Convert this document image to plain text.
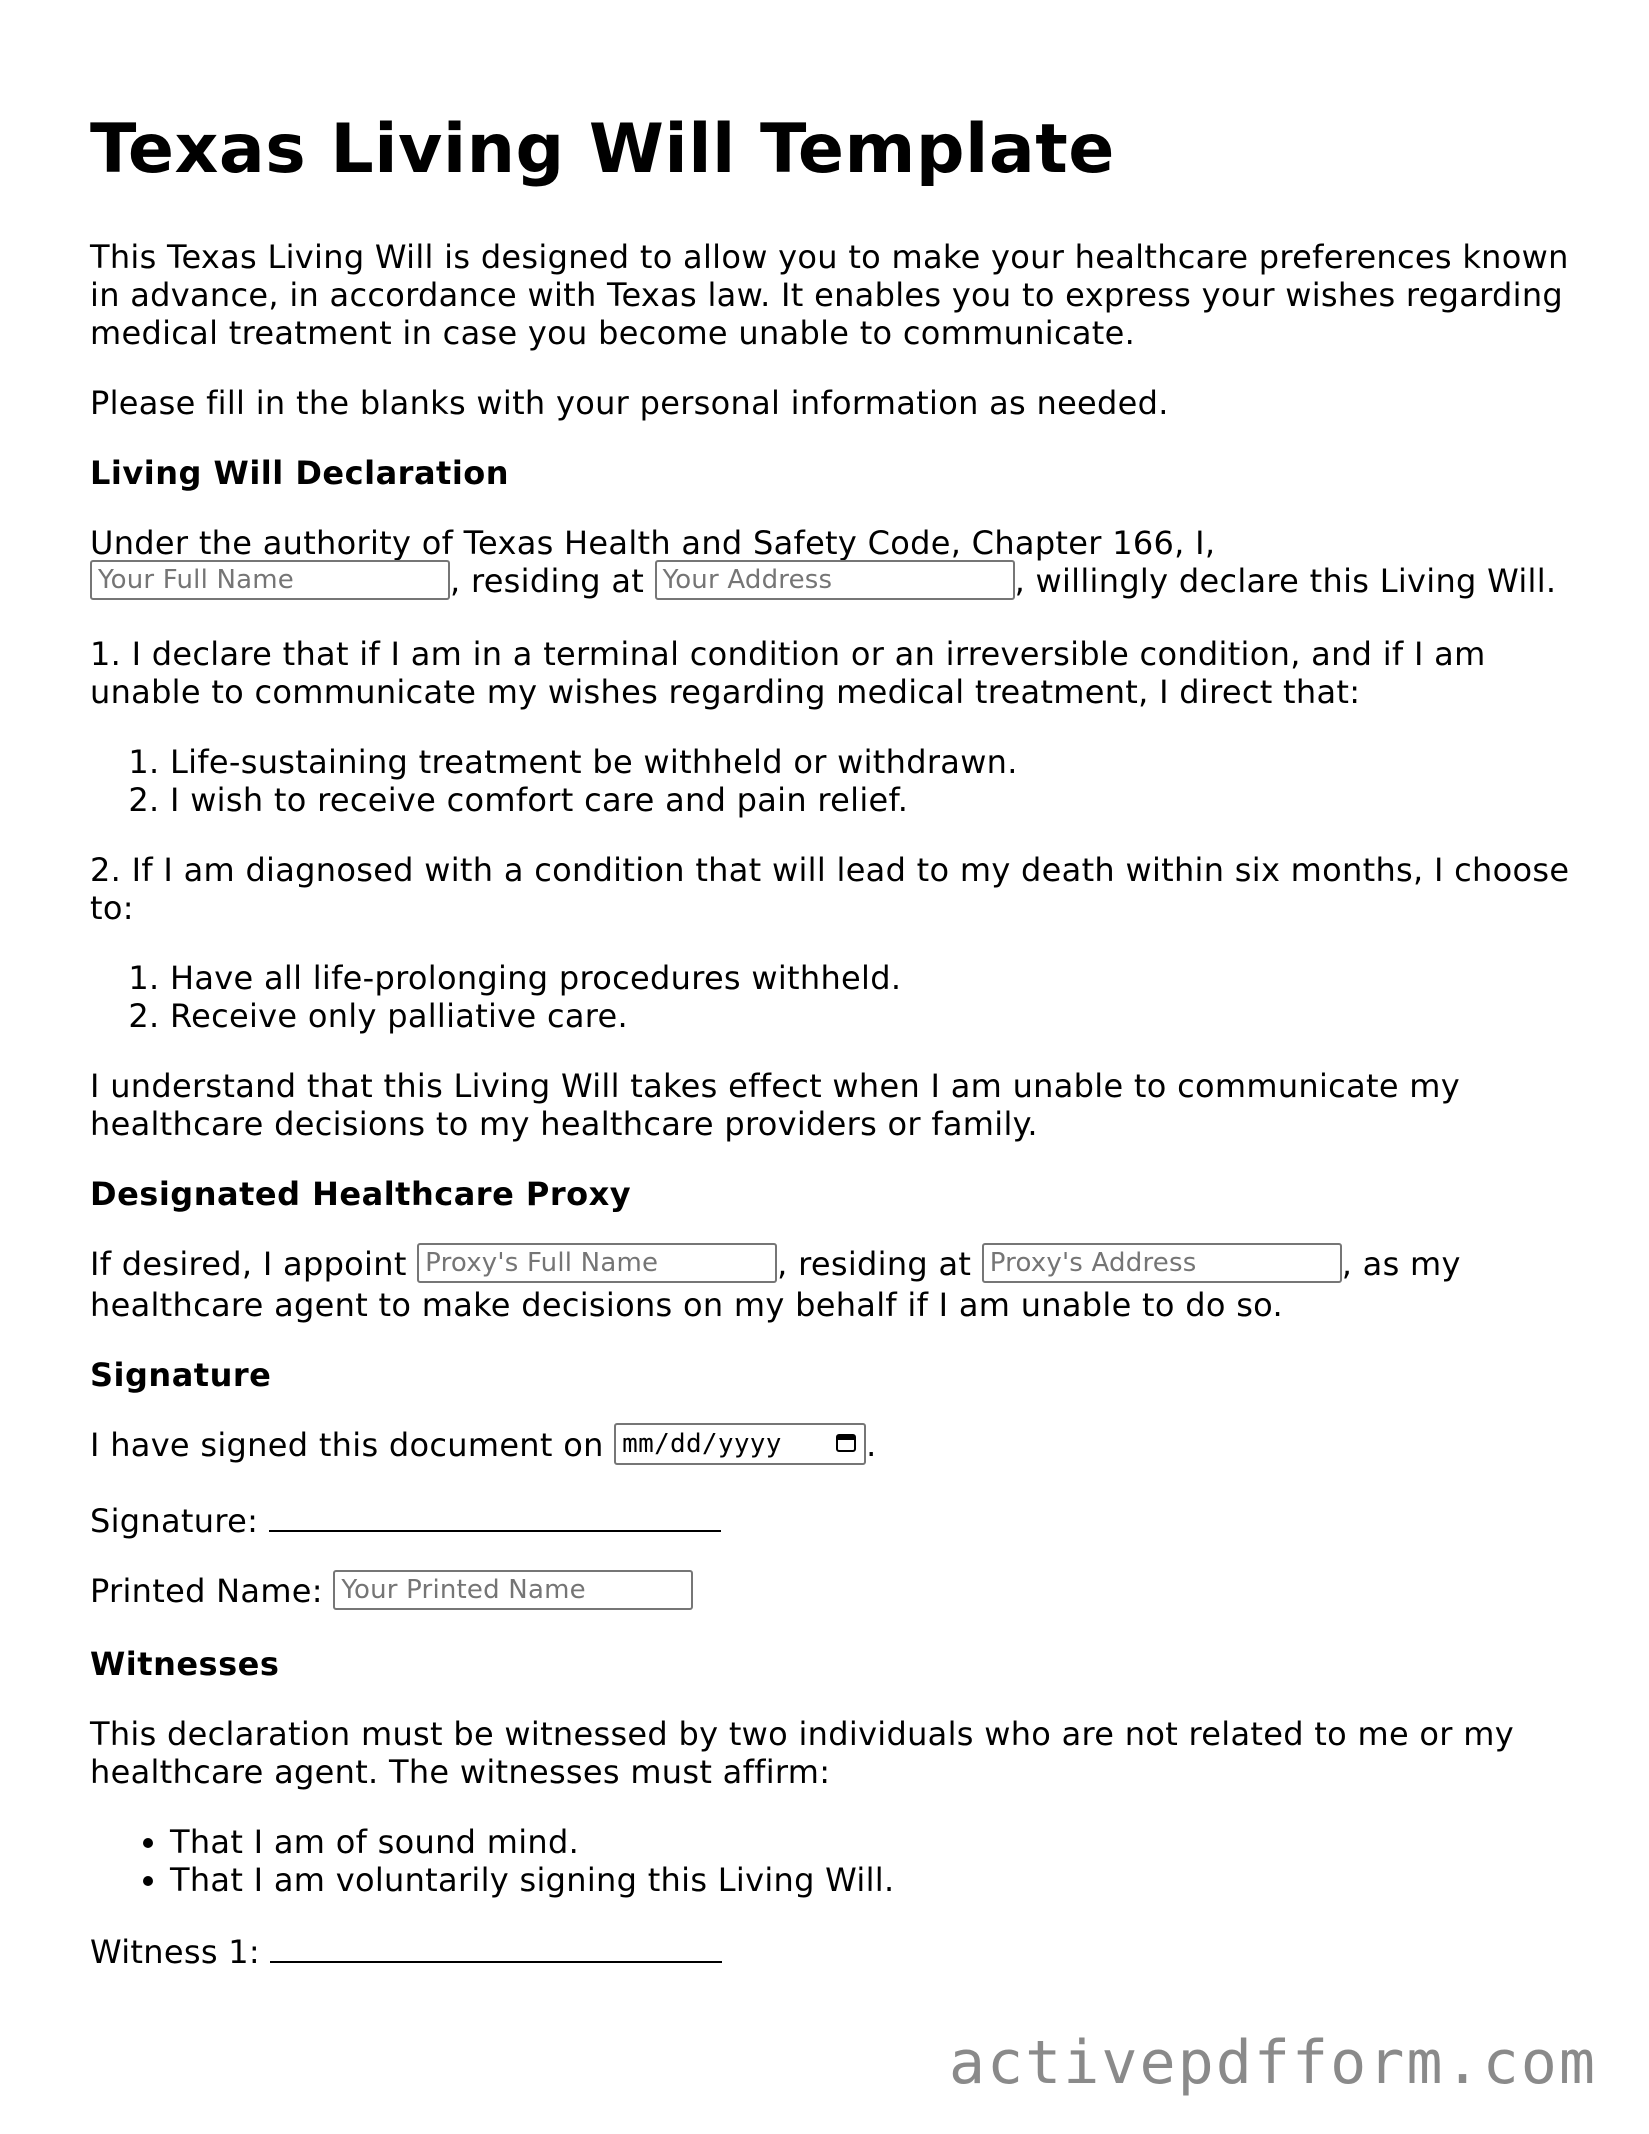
Texas Living Will Template

This Texas Living Will is designed to allow you to make your healthcare preferences known in advance, in accordance with Texas law. It enables you to express your wishes regarding medical treatment in case you become unable to communicate.

Please fill in the blanks with your personal information as needed.

Living Will Declaration

Under the authority of Texas Health and Safety Code, Chapter 166, I,
Your Full Name	, residing at Your Address	, willingly declare this Living Will.

1. I declare that if I am in a terminal condition or an irreversible condition, and if I am unable to communicate my wishes regarding medical treatment, I direct that:

1. Life-sustaining treatment be withheld or withdrawn.
2. I wish to receive comfort care and pain relief.

2. If I am diagnosed with a condition that will lead to my death within six months, I choose to:

1. Have all life-prolonging procedures withheld.
2. Receive only palliative care.

I understand that this Living Will takes effect when I am unable to communicate my healthcare decisions to my healthcare providers or family.

Designated Healthcare Proxy

If desired, I appoint Proxy's Full Name	, residing at Proxy's Address	, as my healthcare agent to make decisions on my behalf if I am unable to do so.

Signature

I have signed this document on mm/dd/yyyy	.

Signature:

Printed Name: Your Printed Name

Witnesses

This declaration must be witnessed by two individuals who are not related to me or my healthcare agent. The witnesses must affirm:

• That I am of sound mind.
• That I am voluntarily signing this Living Will.

Witness 1:

activepdfform.com
